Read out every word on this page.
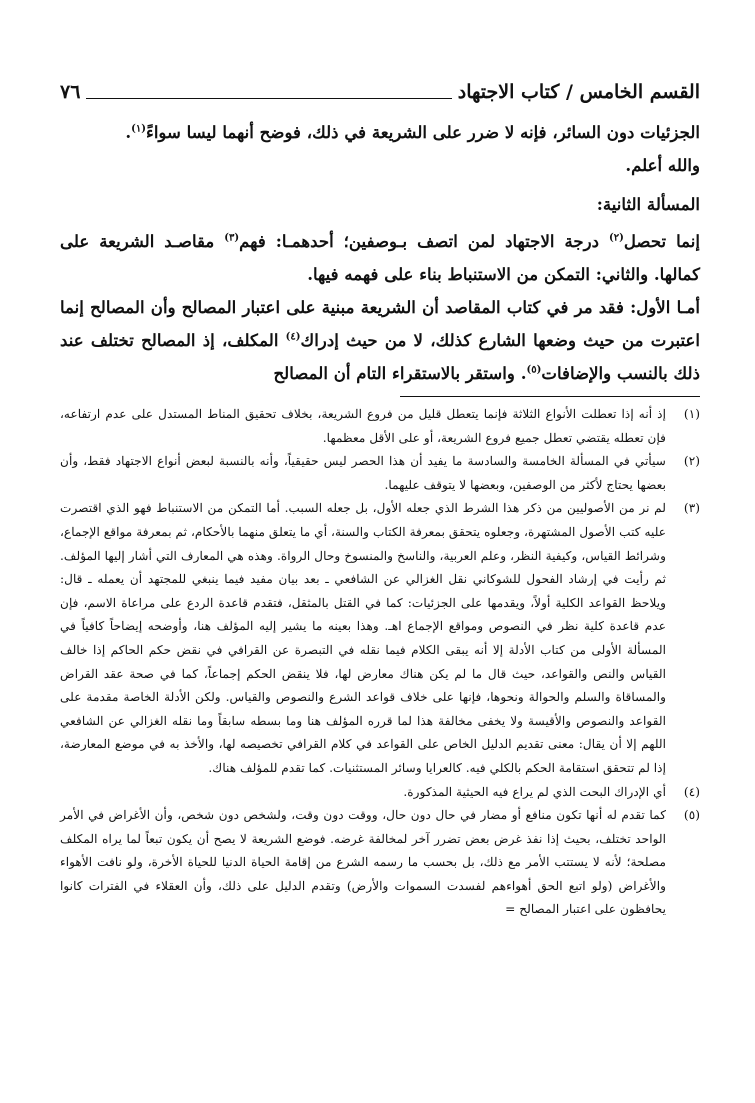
القسم الخامس / كتاب الاجتهاد
٧٦

الجزئيات دون السائر، فإنه لا ضرر على الشريعة في ذلك، فوضح أنهما ليسا سواءً$^{(١)}$.

والله أعلم.

المسألة الثانية:

إنما تحصل$^{(٢)}$ درجة الاجتهاد لمن اتصف بـوصفين؛ أحدهمـا: فهم$^{(٣)}$ مقاصـد الشريعة على كمالها. والثاني: التمكن من الاستنباط بناء على فهمه فيها.

أمـا الأول: فقد مر في كتاب المقاصد أن الشريعة مبنية على اعتبار المصالح وأن المصالح إنما اعتبرت من حيث وضعها الشارع كذلك، لا من حيث إدراك$^{(٤)}$ المكلف، إذ المصالح تختلف عند ذلك بالنسب والإضافات$^{(٥)}$. واستقر بالاستقراء التام أن المصالح

(١)
إذ أنه إذا تعطلت الأنواع الثلاثة فإنما يتعطل قليل من فروع الشريعة، بخلاف تحقيق المناط المستدل على عدم ارتفاعه، فإن تعطله يقتضي تعطل جميع فروع الشريعة، أو على الأقل معظمها.
(٢)
سيأتي في المسألة الخامسة والسادسة ما يفيد أن هذا الحصر ليس حقيقياً، وأنه بالنسبة لبعض أنواع الاجتهاد فقط، وأن بعضها يحتاج لأكثر من الوصفين، وبعضها لا يتوقف عليهما.
(٣)
لم نر من الأصوليين من ذكر هذا الشرط الذي جعله الأول، بل جعله السبب. أما التمكن من الاستنباط فهو الذي اقتصرت عليه كتب الأصول المشتهرة، وجعلوه يتحقق بمعرفة الكتاب والسنة، أي ما يتعلق منهما بالأحكام، ثم بمعرفة مواقع الإجماع، وشرائط القياس، وكيفية النظر، وعلم العربية، والناسخ والمنسوخ وحال الرواة. وهذه هي المعارف التي أشار إليها المؤلف. ثم رأيت في إرشاد الفحول للشوكاني نقل الغزالي عن الشافعي ـ بعد بيان مفيد فيما ينبغي للمجتهد أن يعمله ـ قال: ويلاحظ القواعد الكلية أولاً، ويقدمها على الجزئيات: كما في القتل بالمثقل، فتقدم قاعدة الردع على مراعاة الاسم، فإن عدم قاعدة كلية نظر في النصوص ومواقع الإجماع اهـ. وهذا بعينه ما يشير إليه المؤلف هنا، وأوضحه إيضاحاً كافياً في المسألة الأولى من كتاب الأدلة إلا أنه يبقى الكلام فيما نقله في التبصرة عن القرافي في نقض حكم الحاكم إذا خالف القياس والنص والقواعد، حيث قال ما لم يكن هناك معارض لها، فلا ينقض الحكم إجماعاً، كما في صحة عقد القراض والمساقاة والسلم والحوالة ونحوها، فإنها على خلاف قواعد الشرع والنصوص والقياس. ولكن الأدلة الخاصة مقدمة على القواعد والنصوص والأقيسة ولا يخفى مخالفة هذا لما قرره المؤلف هنا وما بسطه سابقاً وما نقله الغزالي عن الشافعي اللهم إلا أن يقال: معنى تقديم الدليل الخاص على القواعد في كلام القرافي تخصيصه لها، والأخذ به في موضع المعارضة، إذا لم تتحقق استقامة الحكم بالكلي فيه. كالعرايا وسائر المستثنيات. كما تقدم للمؤلف هناك.
(٤)
أي الإدراك البحت الذي لم يراع فيه الحيثية المذكورة.
(٥)
كما تقدم له أنها تكون منافع أو مضار في حال دون حال، ووقت دون وقت، ولشخص دون شخص، وأن الأغراض في الأمر الواحد تختلف، بحيث إذا نفذ غرض بعض تضرر آخر لمخالفة غرضه. فوضع الشريعة لا يصح أن يكون تبعاً لما يراه المكلف مصلحة؛ لأنه لا يستتب الأمر مع ذلك، بل بحسب ما رسمه الشرع من إقامة الحياة الدنيا للحياة الأخرة، ولو نافت الأهواء والأغراض (ولو اتبع الحق أهواءهم لفسدت السموات والأرض) وتقدم الدليل على ذلك، وأن العقلاء في الفترات كانوا يحافظون على اعتبار المصالح =
